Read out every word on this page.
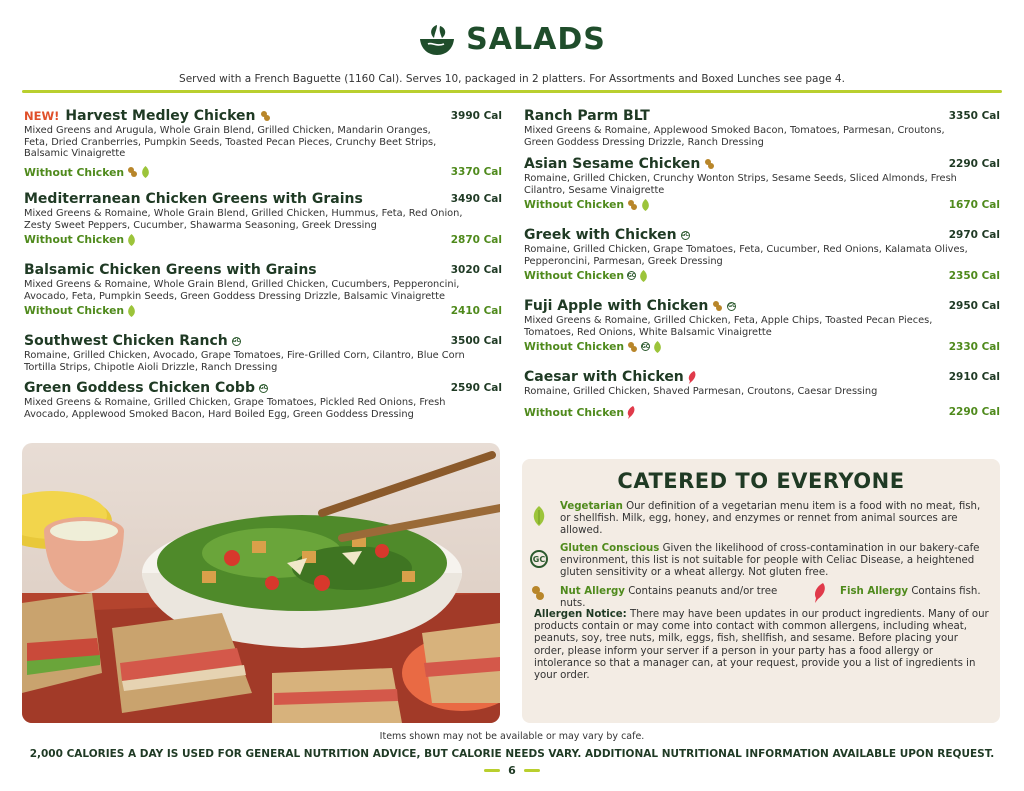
SALADS
Served with a French Baguette (1160 Cal). Serves 10, packaged in 2 platters. For Assortments and Boxed Lunches see page 4.
NEW! Harvest Medley Chicken	3990 Cal
Mixed Greens and Arugula, Whole Grain Blend, Grilled Chicken, Mandarin Oranges, Feta, Dried Cranberries, Pumpkin Seeds, Toasted Pecan Pieces, Crunchy Beet Strips, Balsamic Vinaigrette
Without Chicken	3370 Cal
Mediterranean Chicken Greens with Grains	3490 Cal
Mixed Greens & Romaine, Whole Grain Blend, Grilled Chicken, Hummus, Feta, Red Onion, Zesty Sweet Peppers, Cucumber, Shawarma Seasoning, Greek Dressing
Without Chicken	2870 Cal
Balsamic Chicken Greens with Grains	3020 Cal
Mixed Greens & Romaine, Whole Grain Blend, Grilled Chicken, Cucumbers, Pepperoncini, Avocado, Feta, Pumpkin Seeds, Green Goddess Dressing Drizzle, Balsamic Vinaigrette
Without Chicken	2410 Cal
Southwest Chicken Ranch GC	3500 Cal
Romaine, Grilled Chicken, Avocado, Grape Tomatoes, Fire-Grilled Corn, Cilantro, Blue Corn Tortilla Strips, Chipotle Aioli Drizzle, Ranch Dressing
Green Goddess Chicken Cobb GC	2590 Cal
Mixed Greens & Romaine, Grilled Chicken, Grape Tomatoes, Pickled Red Onions, Fresh Avocado, Applewood Smoked Bacon, Hard Boiled Egg, Green Goddess Dressing
Ranch Parm BLT	3350 Cal
Mixed Greens & Romaine, Applewood Smoked Bacon, Tomatoes, Parmesan, Croutons, Green Goddess Dressing Drizzle, Ranch Dressing
Asian Sesame Chicken	2290 Cal
Romaine, Grilled Chicken, Crunchy Wonton Strips, Sesame Seeds, Sliced Almonds, Fresh Cilantro, Sesame Vinaigrette
Without Chicken	1670 Cal
Greek with Chicken GC	2970 Cal
Romaine, Grilled Chicken, Grape Tomatoes, Feta, Cucumber, Red Onions, Kalamata Olives, Pepperoncini, Parmesan, Greek Dressing
Without Chicken GC	2350 Cal
Fuji Apple with Chicken	GC	2950 Cal
Mixed Greens & Romaine, Grilled Chicken, Feta, Apple Chips, Toasted Pecan Pieces, Tomatoes, Red Onions, White Balsamic Vinaigrette
Without Chicken	GC	2330 Cal
Caesar with Chicken	2910 Cal
Romaine, Grilled Chicken, Shaved Parmesan, Croutons, Caesar Dressing
Without Chicken	2290 Cal
CATERED TO EVERYONE
Vegetarian Our definition of a vegetarian menu item is a food with no meat, fish, or shellfish. Milk, egg, honey, and enzymes or rennet from animal sources are allowed.
GC
Gluten Conscious Given the likelihood of cross-contamination in our bakery-cafe environment, this list is not suitable for people with Celiac Disease, a heightened gluten sensitivity or a wheat allergy. Not gluten free.
Nut Allergy Contains peanuts and/or tree nuts.
Fish Allergy Contains fish.
Allergen Notice: There may have been updates in our product ingredients. Many of our products contain or may come into contact with common allergens, including wheat, peanuts, soy, tree nuts, milk, eggs, fish, shellfish, and sesame. Before placing your order, please inform your server if a person in your party has a food allergy or intolerance so that a manager can, at your request, provide you a list of ingredients in your order.
Items shown may not be available or may vary by cafe.
2,000 CALORIES A DAY IS USED FOR GENERAL NUTRITION ADVICE, BUT CALORIE NEEDS VARY. ADDITIONAL NUTRITIONAL INFORMATION AVAILABLE UPON REQUEST.
6
